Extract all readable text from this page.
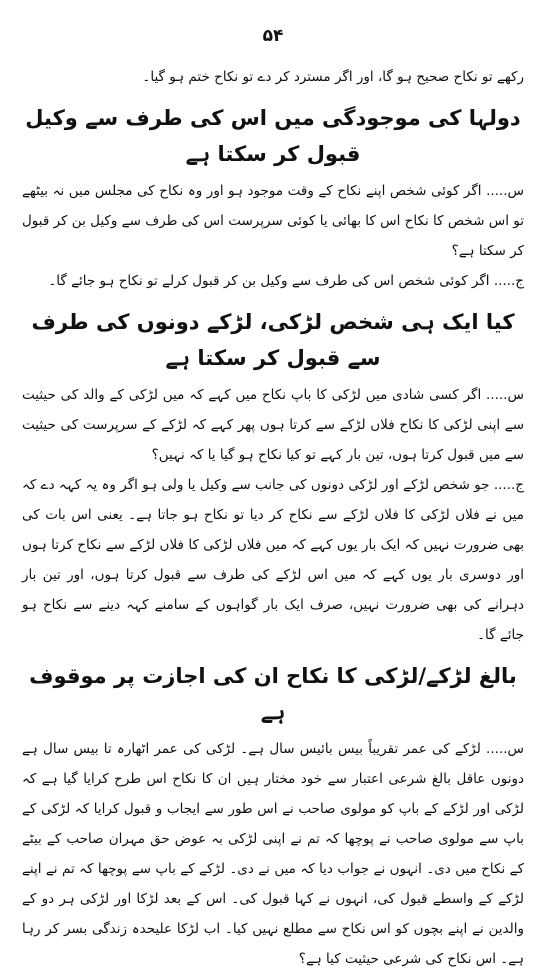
۵۴

رکھے تو نکاح صحیح ہو گا، اور اگر مسترد کر دے تو نکاح ختم ہو گیا۔

دولہا کی موجودگی میں اس کی طرف سے وکیل قبول کر سکتا ہے

س..... اگر کوئی شخص اپنے نکاح کے وقت موجود ہو اور وہ نکاح کی مجلس میں نہ بیٹھے تو اس شخص کا نکاح اس کا بھائی یا کوئی سرپرست اس کی طرف سے وکیل بن کر قبول کر سکتا ہے؟

ج..... اگر کوئی شخص اس کی طرف سے وکیل بن کر قبول کرلے تو نکاح ہو جائے گا۔

کیا ایک ہی شخص لڑکی، لڑکے دونوں کی طرف سے قبول کر سکتا ہے

س..... اگر کسی شادی میں لڑکی کا باپ نکاح میں کہے کہ میں لڑکی کے والد کی حیثیت سے اپنی لڑکی کا نکاح فلاں لڑکے سے کرتا ہوں پھر کہے کہ لڑکے کے سرپرست کی حیثیت سے میں قبول کرتا ہوں، تین بار کہے تو کیا نکاح ہو گیا یا کہ نہیں؟

ج..... جو شخص لڑکے اور لڑکی دونوں کی جانب سے وکیل یا ولی ہو اگر وہ یہ کہہ دے کہ میں نے فلاں لڑکی کا فلاں لڑکے سے نکاح کر دیا تو نکاح ہو جاتا ہے۔ یعنی اس بات کی بھی ضرورت نہیں کہ ایک بار یوں کہے کہ میں فلاں لڑکی کا فلاں لڑکے سے نکاح کرتا ہوں اور دوسری بار یوں کہے کہ میں اس لڑکے کی طرف سے قبول کرتا ہوں، اور تین بار دہرانے کی بھی ضرورت نہیں، صرف ایک بار گواہوں کے سامنے کہہ دینے سے نکاح ہو جائے گا۔

بالغ لڑکے/لڑکی کا نکاح ان کی اجازت پر موقوف ہے

س..... لڑکے کی عمر تقریباً بیس بائیس سال ہے۔ لڑکی کی عمر اٹھارہ تا بیس سال ہے دونوں عاقل بالغ شرعی اعتبار سے خود مختار ہیں ان کا نکاح اس طرح کرایا گیا ہے کہ لڑکی اور لڑکے کے باپ کو مولوی صاحب نے اس طور سے ایجاب و قبول کرایا کہ لڑکی کے باپ سے مولوی صاحب نے پوچھا کہ تم نے اپنی لڑکی بہ عوض حق مہران صاحب کے بیٹے کے نکاح میں دی۔ انہوں نے جواب دیا کہ میں نے دی۔ لڑکے کے باپ سے پوچھا کہ تم نے اپنے لڑکے کے واسطے قبول کی، انہوں نے کہا قبول کی۔ اس کے بعد لڑکا اور لڑکی ہر دو کے والدین نے اپنے بچوں کو اس نکاح سے مطلع نہیں کیا۔ اب لڑکا علیحدہ زندگی بسر کر رہا ہے۔ اس نکاح کی شرعی حیثیت کیا ہے؟
